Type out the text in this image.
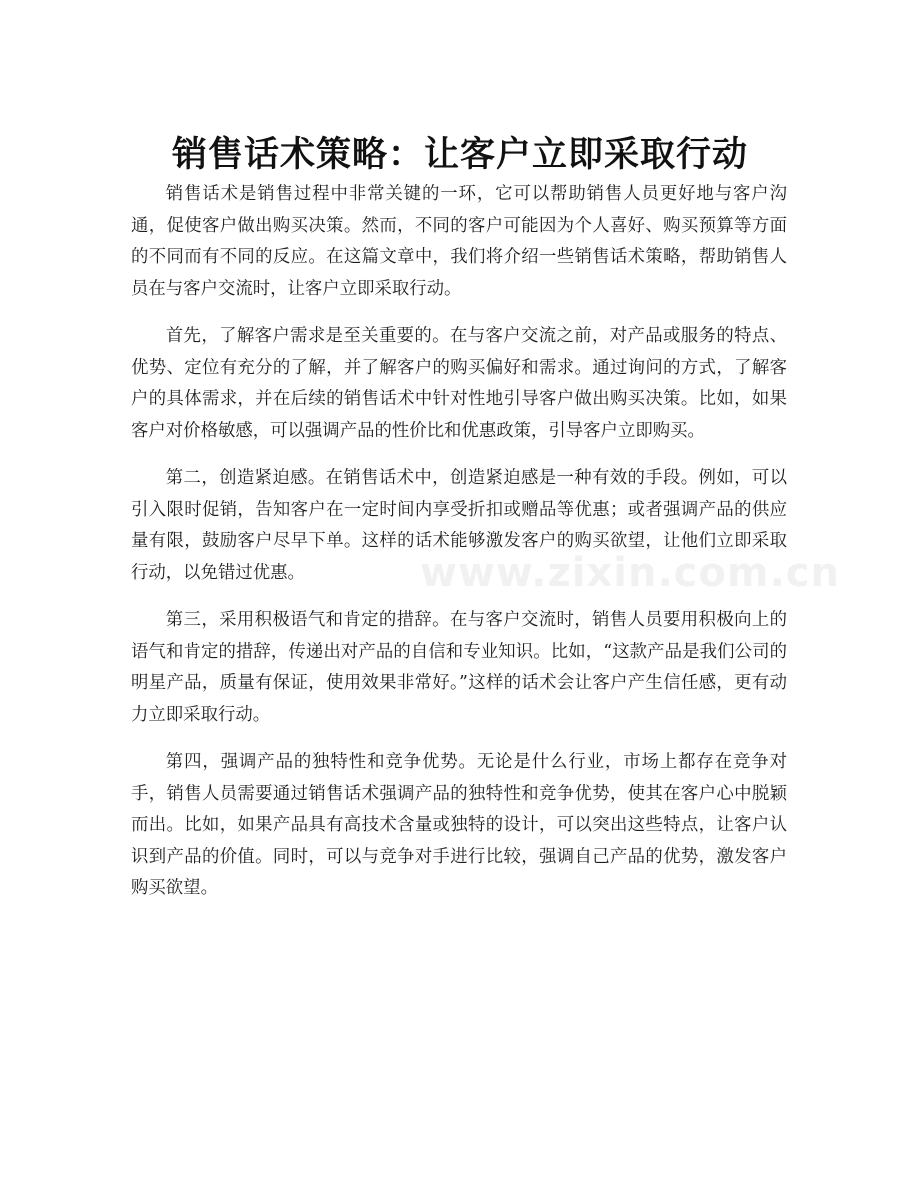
销售话术策略：让客户立即采取行动

销售话术是销售过程中非常关键的一环，它可以帮助销售人员更好地与客户沟通，促使客户做出购买决策。然而，不同的客户可能因为个人喜好、购买预算等方面的不同而有不同的反应。在这篇文章中，我们将介绍一些销售话术策略，帮助销售人员在与客户交流时，让客户立即采取行动。

首先，了解客户需求是至关重要的。在与客户交流之前，对产品或服务的特点、优势、定位有充分的了解，并了解客户的购买偏好和需求。通过询问的方式，了解客户的具体需求，并在后续的销售话术中针对性地引导客户做出购买决策。比如，如果客户对价格敏感，可以强调产品的性价比和优惠政策，引导客户立即购买。

第二，创造紧迫感。在销售话术中，创造紧迫感是一种有效的手段。例如，可以引入限时促销，告知客户在一定时间内享受折扣或赠品等优惠；或者强调产品的供应量有限，鼓励客户尽早下单。这样的话术能够激发客户的购买欲望，让他们立即采取行动，以免错过优惠。

第三，采用积极语气和肯定的措辞。在与客户交流时，销售人员要用积极向上的语气和肯定的措辞，传递出对产品的自信和专业知识。比如，“这款产品是我们公司的明星产品，质量有保证，使用效果非常好。”这样的话术会让客户产生信任感，更有动力立即采取行动。

第四，强调产品的独特性和竞争优势。无论是什么行业，市场上都存在竞争对手，销售人员需要通过销售话术强调产品的独特性和竞争优势，使其在客户心中脱颖而出。比如，如果产品具有高技术含量或独特的设计，可以突出这些特点，让客户认识到产品的价值。同时，可以与竞争对手进行比较，强调自己产品的优势，激发客户购买欲望。

www.zixin.com.cn
